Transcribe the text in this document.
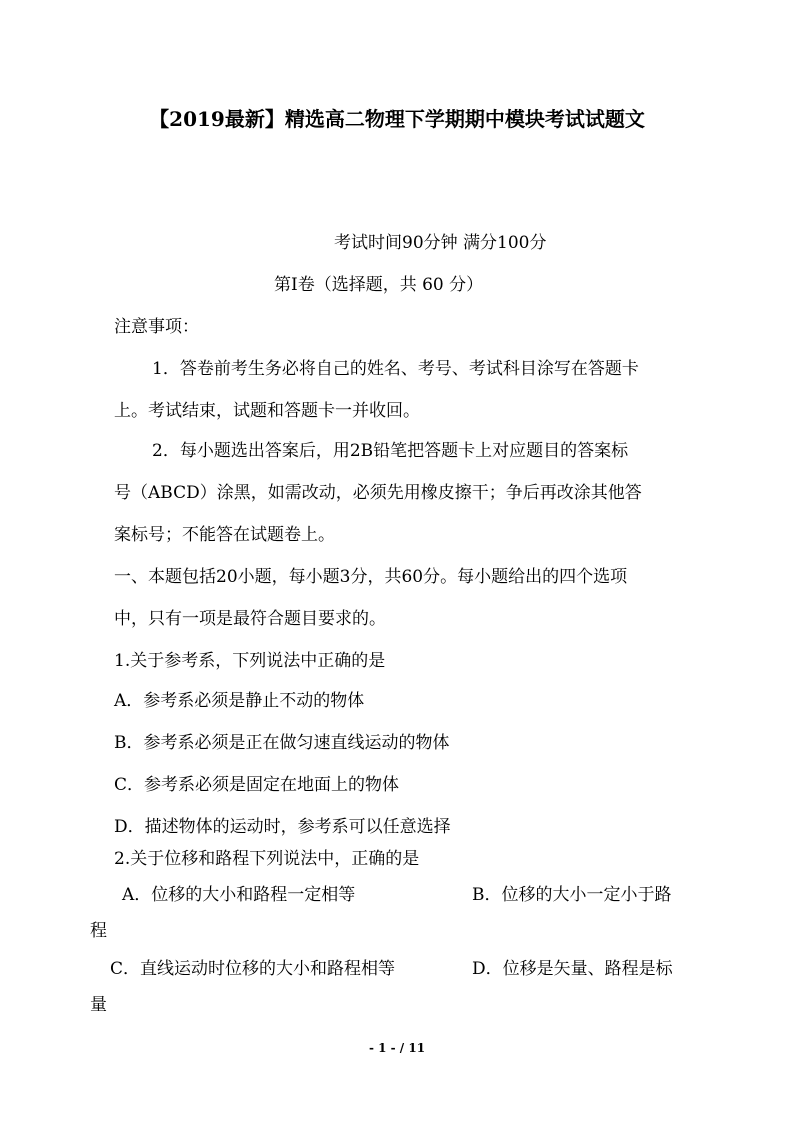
【2019最新】精选高二物理下学期期中模块考试试题文
考试时间90分钟 满分100分
第Ⅰ卷（选择题，共 60 分）
注意事项：
1．答卷前考生务必将自己的姓名、考号、考试科目涂写在答题卡
上。考试结束，试题和答题卡一并收回。
2．每小题选出答案后，用2B铅笔把答题卡上对应题目的答案标
号（ABCD）涂黑，如需改动，必须先用橡皮擦干；争后再改涂其他答
案标号；不能答在试题卷上。
一、本题包括20小题，每小题3分，共60分。每小题给出的四个选项
中，只有一项是最符合题目要求的。
1.关于参考系，下列说法中正确的是
A．参考系必须是静止不动的物体
B．参考系必须是正在做匀速直线运动的物体
C．参考系必须是固定在地面上的物体
D．描述物体的运动时，参考系可以任意选择
2.关于位移和路程下列说法中，正确的是
A．位移的大小和路程一定相等	B．位移的大小一定小于路
程
C．直线运动时位移的大小和路程相等	D．位移是矢量、路程是标
量
- 1 - / 11
